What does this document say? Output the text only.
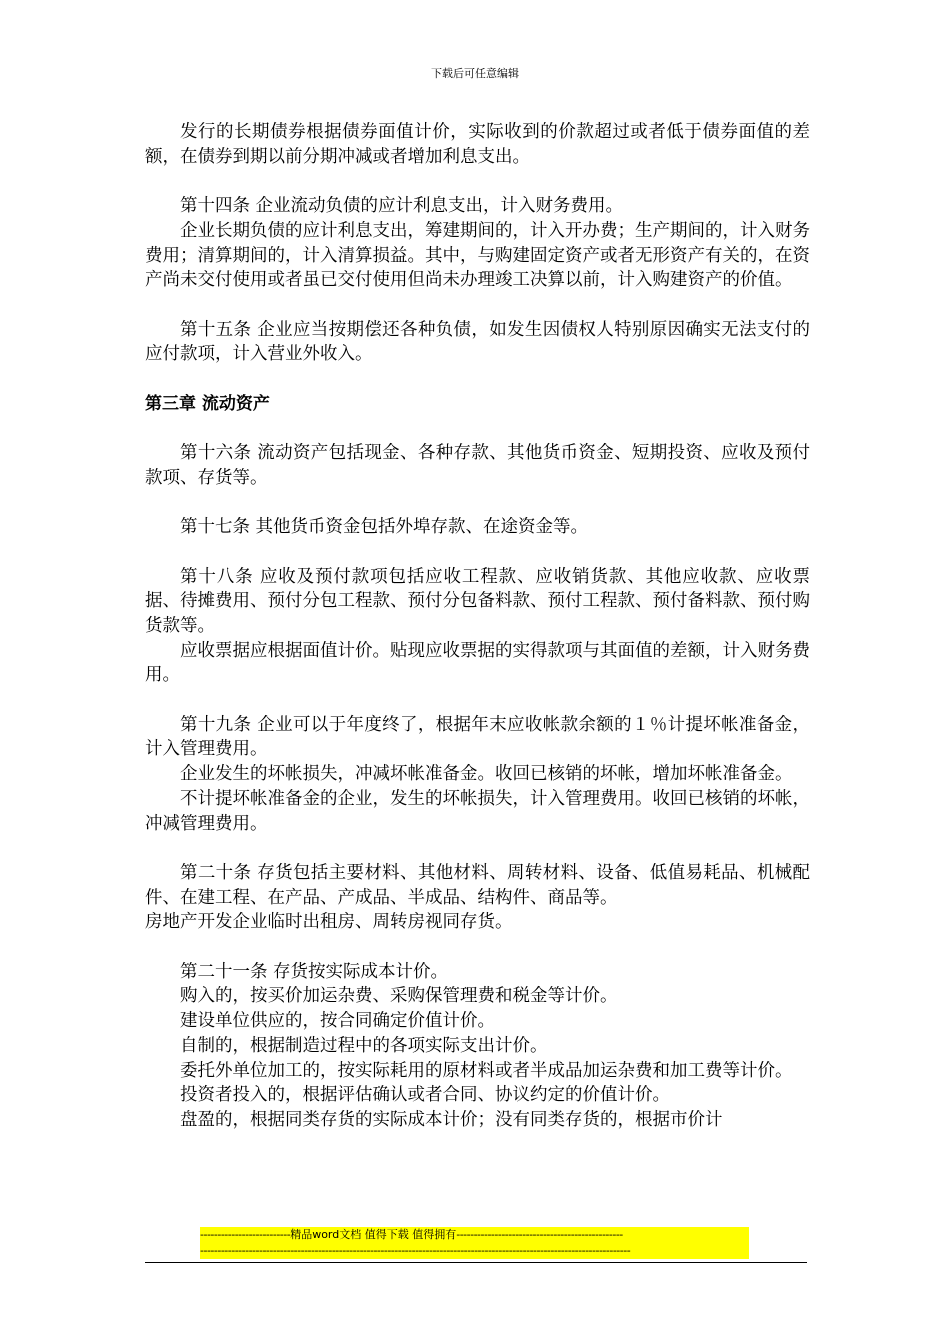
下载后可任意编辑

发行的长期债券根据债券面值计价，实际收到的价款超过或者低于债券面值的差额，在债券到期以前分期冲减或者增加利息支出。

第十四条 企业流动负债的应计利息支出，计入财务费用。

企业长期负债的应计利息支出，筹建期间的，计入开办费；生产期间的，计入财务费用；清算期间的，计入清算损益。其中，与购建固定资产或者无形资产有关的，在资产尚未交付使用或者虽已交付使用但尚未办理竣工决算以前，计入购建资产的价值。

第十五条 企业应当按期偿还各种负债，如发生因债权人特别原因确实无法支付的应付款项，计入营业外收入。

第三章 流动资产

第十六条 流动资产包括现金、各种存款、其他货币资金、短期投资、应收及预付款项、存货等。

第十七条 其他货币资金包括外埠存款、在途资金等。

第十八条 应收及预付款项包括应收工程款、应收销货款、其他应收款、应收票据、待摊费用、预付分包工程款、预付分包备料款、预付工程款、预付备料款、预付购货款等。

应收票据应根据面值计价。贴现应收票据的实得款项与其面值的差额，计入财务费用。

第十九条 企业可以于年度终了，根据年末应收帐款余额的１％计提坏帐准备金，计入管理费用。

企业发生的坏帐损失，冲减坏帐准备金。收回已核销的坏帐，增加坏帐准备金。

不计提坏帐准备金的企业，发生的坏帐损失，计入管理费用。收回已核销的坏帐，冲减管理费用。

第二十条 存货包括主要材料、其他材料、周转材料、设备、低值易耗品、机械配件、在建工程、在产品、产成品、半成品、结构件、商品等。

房地产开发企业临时出租房、周转房视同存货。

第二十一条 存货按实际成本计价。

购入的，按买价加运杂费、采购保管理费和税金等计价。

建设单位供应的，按合同确定价值计价。

自制的，根据制造过程中的各项实际支出计价。

委托外单位加工的，按实际耗用的原材料或者半成品加运杂费和加工费等计价。

投资者投入的，根据评估确认或者合同、协议约定的价值计价。

盘盈的，根据同类存货的实际成本计价；没有同类存货的，根据市价计

--------------------------精品word文档 值得下载 值得拥有------------------------------------------------
----------------------------------------------------------------------------------------------------------------------------
